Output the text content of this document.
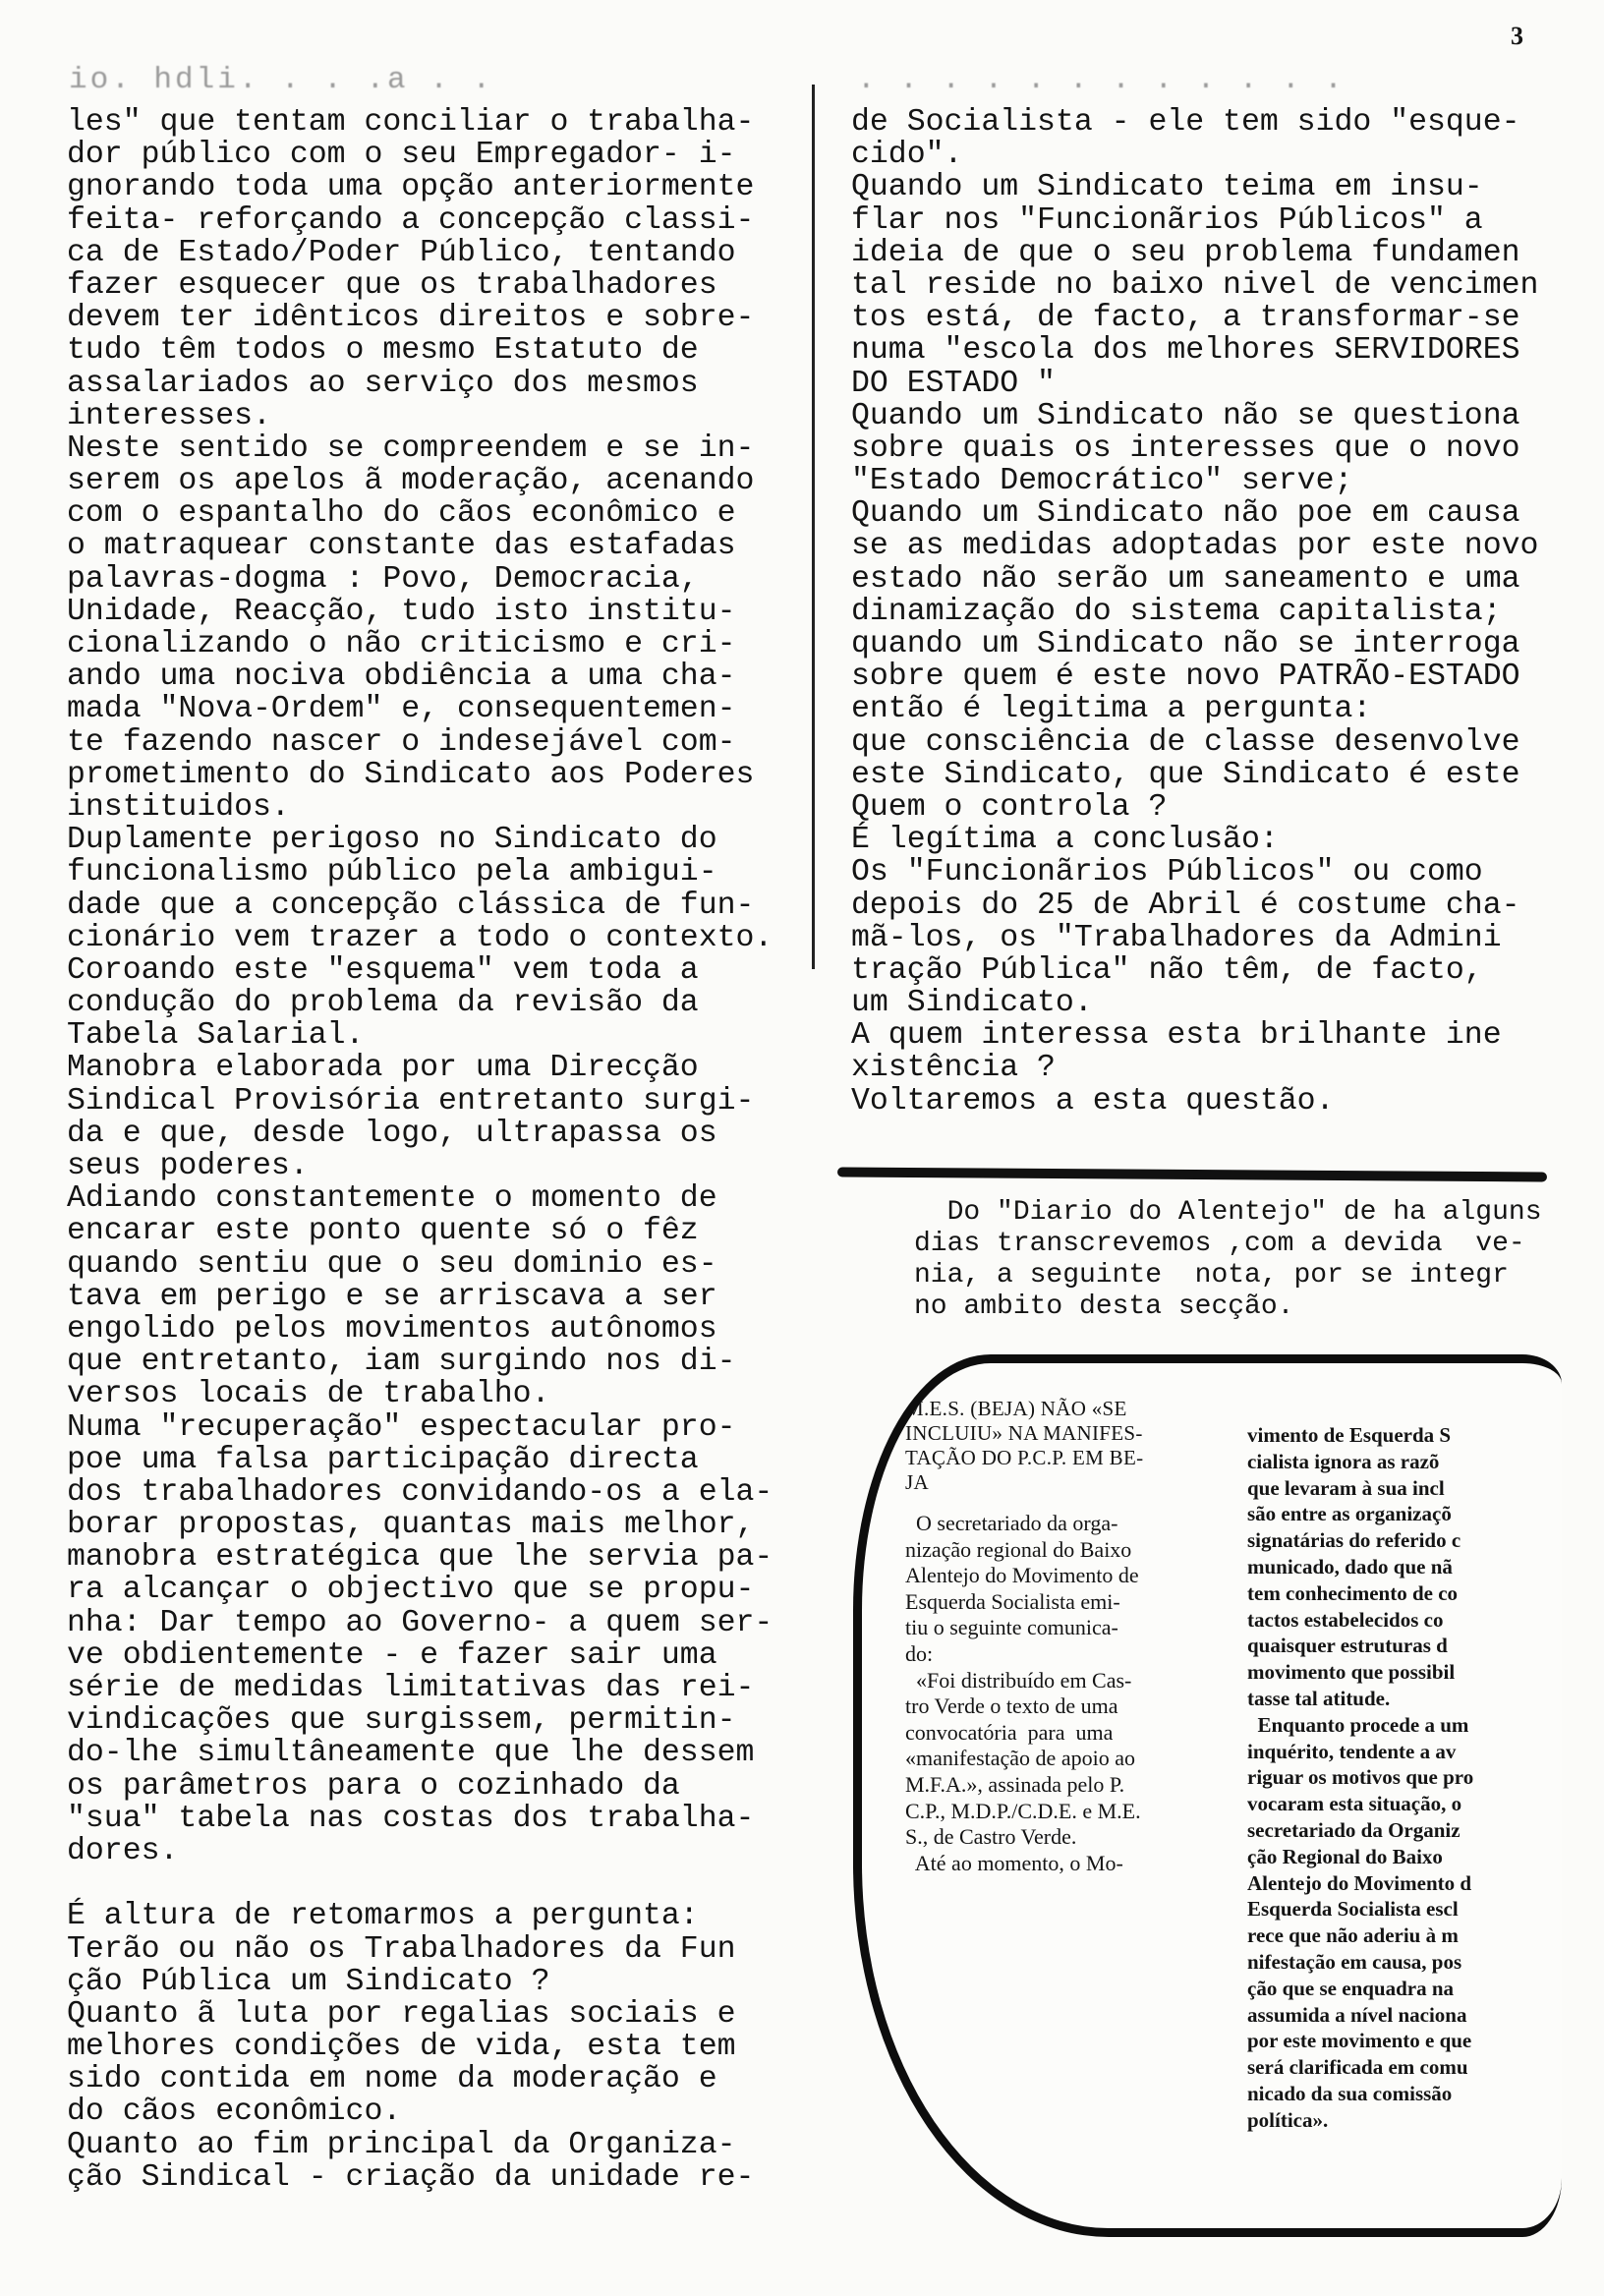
3
io. hdli. . . .a . .	. . . . . . . . . . . .
les" que tentam conciliar o trabalha-
dor público com o seu Empregador- i-
gnorando toda uma opção anteriormente
feita- reforçando a concepção classi-
ca de Estado/Poder Público, tentando
fazer esquecer que os trabalhadores
devem ter idênticos direitos e sobre-
tudo têm todos o mesmo Estatuto de
assalariados ao serviço dos mesmos
interesses.
Neste sentido se compreendem e se in-
serem os apelos ã moderação, acenando
com o espantalho do cãos econômico e
o matraquear constante das estafadas
palavras-dogma : Povo, Democracia,
Unidade, Reacção, tudo isto institu-
cionalizando o não criticismo e cri-
ando uma nociva obdiência a uma cha-
mada "Nova-Ordem" e, consequentemen-
te fazendo nascer o indesejável com-
prometimento do Sindicato aos Poderes
instituidos.
Duplamente perigoso no Sindicato do
funcionalismo público pela ambigui-
dade que a concepção clássica de fun-
cionário vem trazer a todo o contexto.
Coroando este "esquema" vem toda a
condução do problema da revisão da
Tabela Salarial.
Manobra elaborada por uma Direcção
Sindical Provisória entretanto surgi-
da e que, desde logo, ultrapassa os
seus poderes.
Adiando constantemente o momento de
encarar este ponto quente só o fêz
quando sentiu que o seu dominio es-
tava em perigo e se arriscava a ser
engolido pelos movimentos autônomos
que entretanto, iam surgindo nos di-
versos locais de trabalho.
Numa "recuperação" espectacular pro-
poe uma falsa participação directa
dos trabalhadores convidando-os a ela-
borar propostas, quantas mais melhor,
manobra estratégica que lhe servia pa-
ra alcançar o objectivo que se propu-
nha: Dar tempo ao Governo- a quem ser-
ve obdientemente - e fazer sair uma
série de medidas limitativas das rei-
vindicações que surgissem, permitin-
do-lhe simultâneamente que lhe dessem
os parâmetros para o cozinhado da
"sua" tabela nas costas dos trabalha-
dores.
É altura de retomarmos a pergunta:
Terão ou não os Trabalhadores da Fun
ção Pública um Sindicato ?
Quanto ã luta por regalias sociais e
melhores condições de vida, esta tem
sido contida em nome da moderação e
do cãos econômico.
Quanto ao fim principal da Organiza-
ção Sindical - criação da unidade re-
de Socialista - ele tem sido "esque-
cido".
Quando um Sindicato teima em insu-
flar nos "Funcionãrios Públicos" a
ideia de que o seu problema fundamen
tal reside no baixo nivel de vencimen
tos está, de facto, a transformar-se
numa "escola dos melhores SERVIDORES
DO ESTADO "
Quando um Sindicato não se questiona
sobre quais os interesses que o novo
"Estado Democrático" serve;
Quando um Sindicato não poe em causa
se as medidas adoptadas por este novo
estado não serão um saneamento e uma
dinamização do sistema capitalista;
quando um Sindicato não se interroga
sobre quem é este novo PATRÃO-ESTADO
então é legitima a pergunta:
que consciência de classe desenvolve
este Sindicato, que Sindicato é este
Quem o controla ?
É legítima a conclusão:
Os "Funcionãrios Públicos" ou como
depois do 25 de Abril é costume cha-
mã-los, os "Trabalhadores da Admini
tração Pública" não têm, de facto,
um Sindicato.
A quem interessa esta brilhante ine
xistência ?
Voltaremos a esta questão.
Do "Diario do Alentejo" de ha alguns
dias transcrevemos ,com a devida  ve-
nia, a seguinte  nota, por se integr
no ambito desta secção.
M.E.S. (BEJA) NÃO «SE
INCLUIU» NA MANIFES-
TAÇÃO DO P.C.P. EM BE-
JA
O secretariado da orga-
nização regional do Baixo
Alentejo do Movimento de
Esquerda Socialista emi-
tiu o seguinte comunica-
do:
«Foi distribuído em Cas-
tro Verde o texto de uma
convocatória  para  uma
«manifestação de apoio ao
M.F.A.», assinada pelo P.
C.P., M.D.P./C.D.E. e M.E.
S., de Castro Verde.
Até ao momento, o Mo-
vimento de Esquerda S
cialista ignora as razõ
que levaram à sua incl
são entre as organizaçõ
signatárias do referido c
municado, dado que nã
tem conhecimento de co
tactos estabelecidos co
quaisquer estruturas d
movimento que possibil
tasse tal atitude.
Enquanto procede a um
inquérito, tendente a av
riguar os motivos que pro
vocaram esta situação, o
secretariado da Organiz
ção Regional do Baixo
Alentejo do Movimento d
Esquerda Socialista escl
rece que não aderiu à m
nifestação em causa, pos
ção que se enquadra na
assumida a nível naciona
por este movimento e que
será clarificada em comu
nicado da sua comissão
política».
